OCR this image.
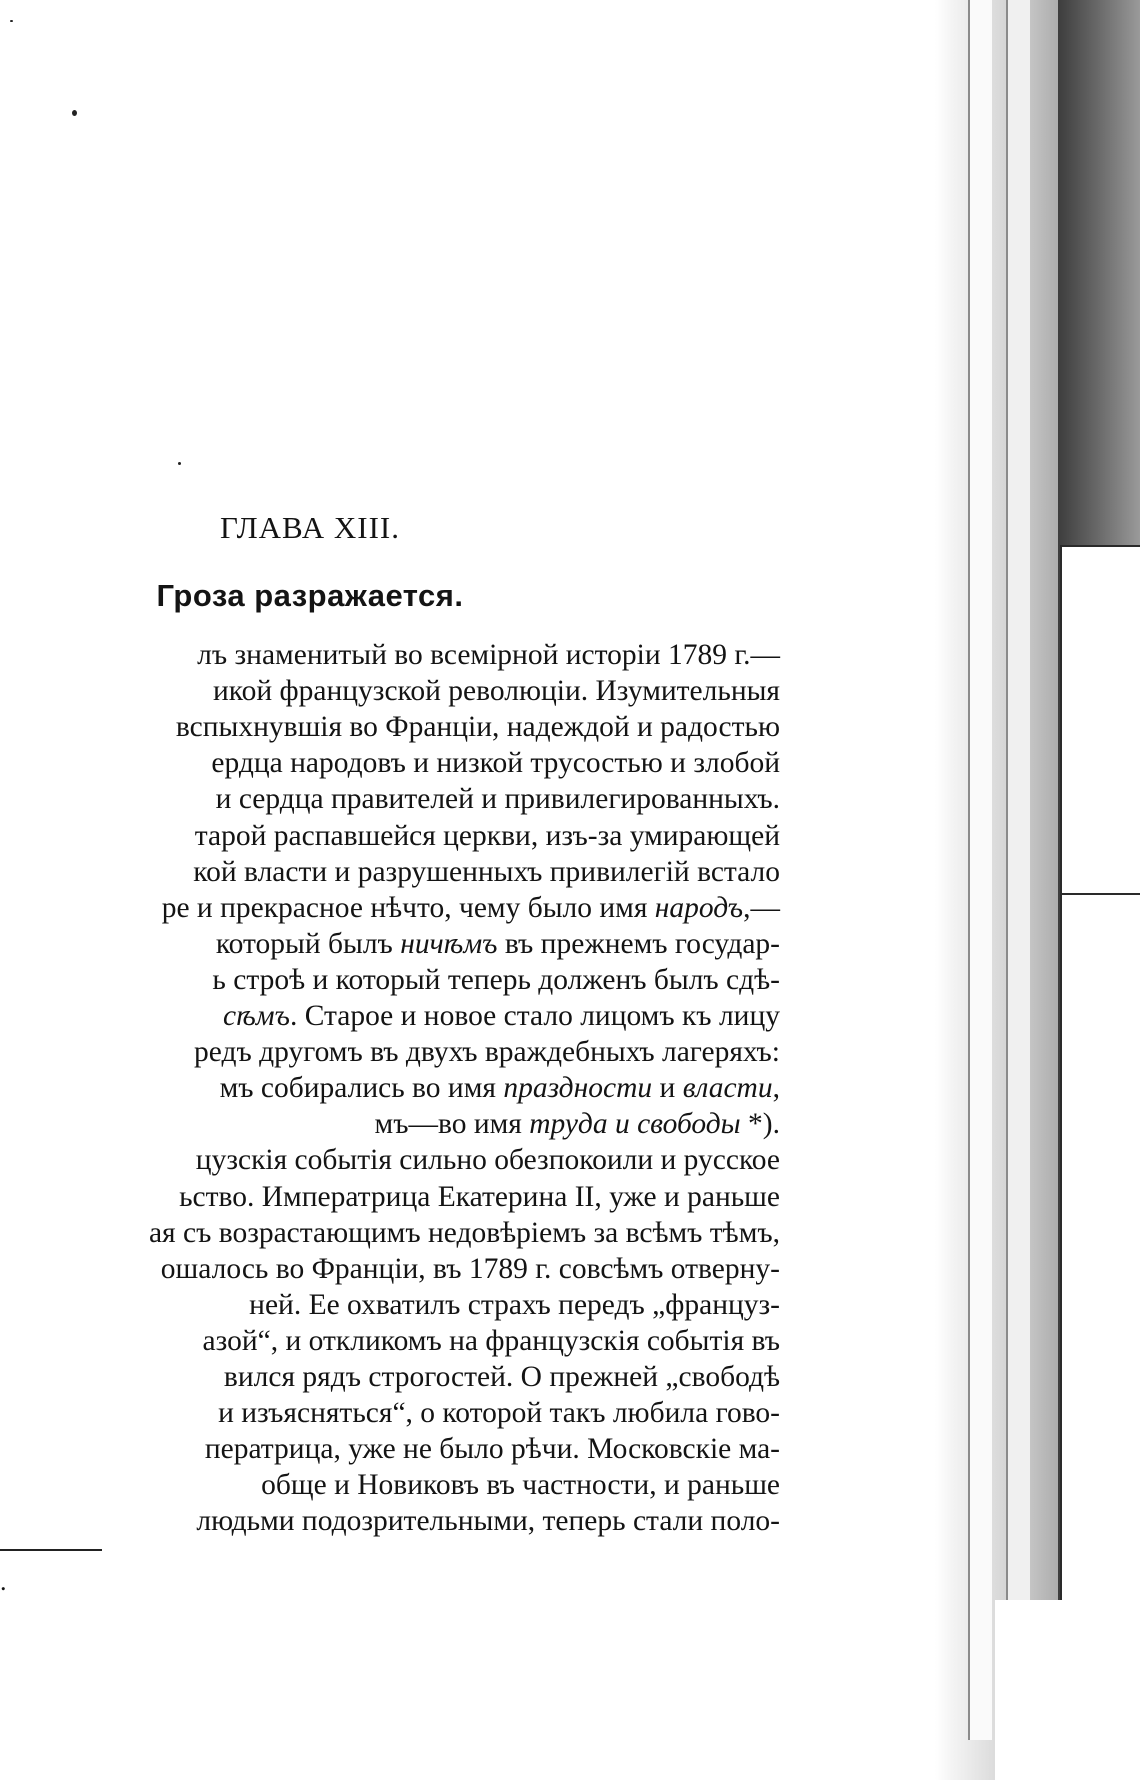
ГЛАВА XIII.
Гроза разражается.
лъ знаменитый во всемірной исторіи 1789 г.—
икой французской революціи. Изумительныя
вспыхнувшія во Франціи, надеждой и радостью
ердца народовъ и низкой трусостью и злобой
и сердца правителей и привилегированныхъ.
тарой распавшейся церкви, изъ-за умирающей
кой власти и разрушенныхъ привилегій встало
ре и прекрасное нѣчто, чему было имя народъ,—
который былъ ничѣмъ въ прежнемъ государ-
ь строѣ и который теперь долженъ былъ сдѣ-
сѣмъ. Старое и новое стало лицомъ къ лицу
редъ другомъ въ двухъ враждебныхъ лагеряхъ:
мъ собирались во имя праздности и власти,
мъ—во имя труда и свободы *).
цузскія событія сильно обезпокоили и русское
ьство. Императрица Екатерина II, уже и раньше
ая съ возрастающимъ недовѣріемъ за всѣмъ тѣмъ,
ошалось во Франціи, въ 1789 г. совсѣмъ отверну-
ней. Ее охватилъ страхъ передъ „француз-
азой“, и откликомъ на французскія событія въ
вился рядъ строгостей. О прежней „свободѣ
и изъясняться“, о которой такъ любила гово-
ператрица, уже не было рѣчи. Московскіе ма-
обще и Новиковъ въ частности, и раньше
людьми подозрительными, теперь стали поло-
.
